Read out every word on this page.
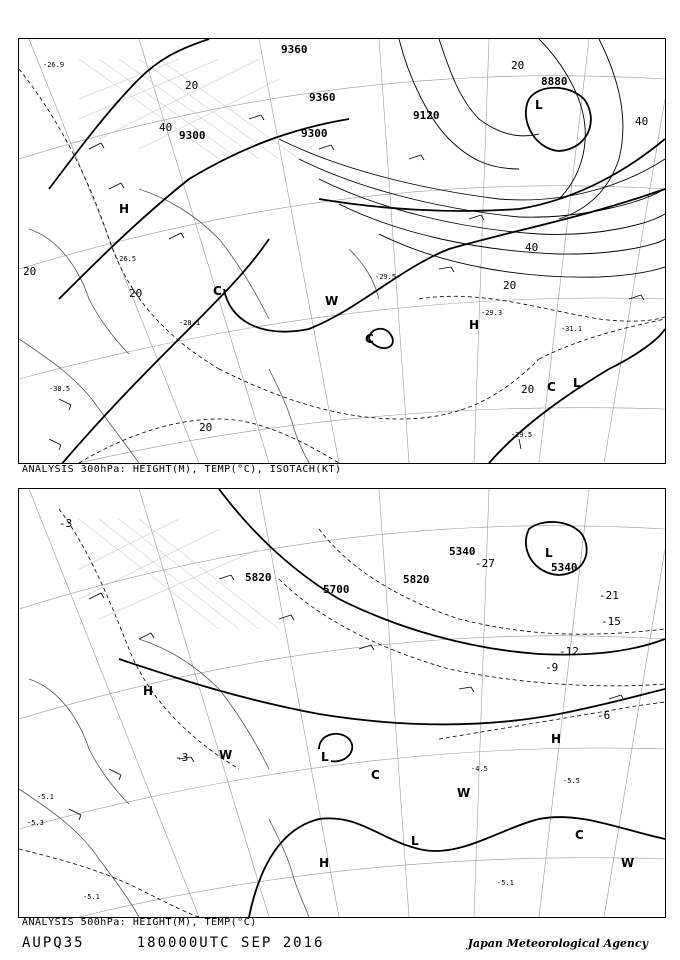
9360
9300
9360
9120
8880
9300
20
40
20
20
40
40
20
20
20
20
H
L
H
L
C
C
C
W
-26.9
-29.5
-29.3
-31.1
-29.5
-30.5
-28.1
-26.5
ANALYSIS 300hPa: HEIGHT(M), TEMP(°C), ISOTACH(KT)
5700
5820
5340
5820
5340
-3
-27
-21
-15
-12
-9
-6
-3
-4.5
-5.5
-5.1
-5.3
-5.1
-5.1
H
L
L
H
H
L
C
C
W
W
W
ANALYSIS 500hPa: HEIGHT(M), TEMP(°C)
AUPQ35	180000UTC SEP 2016	Japan Meteorological Agency
